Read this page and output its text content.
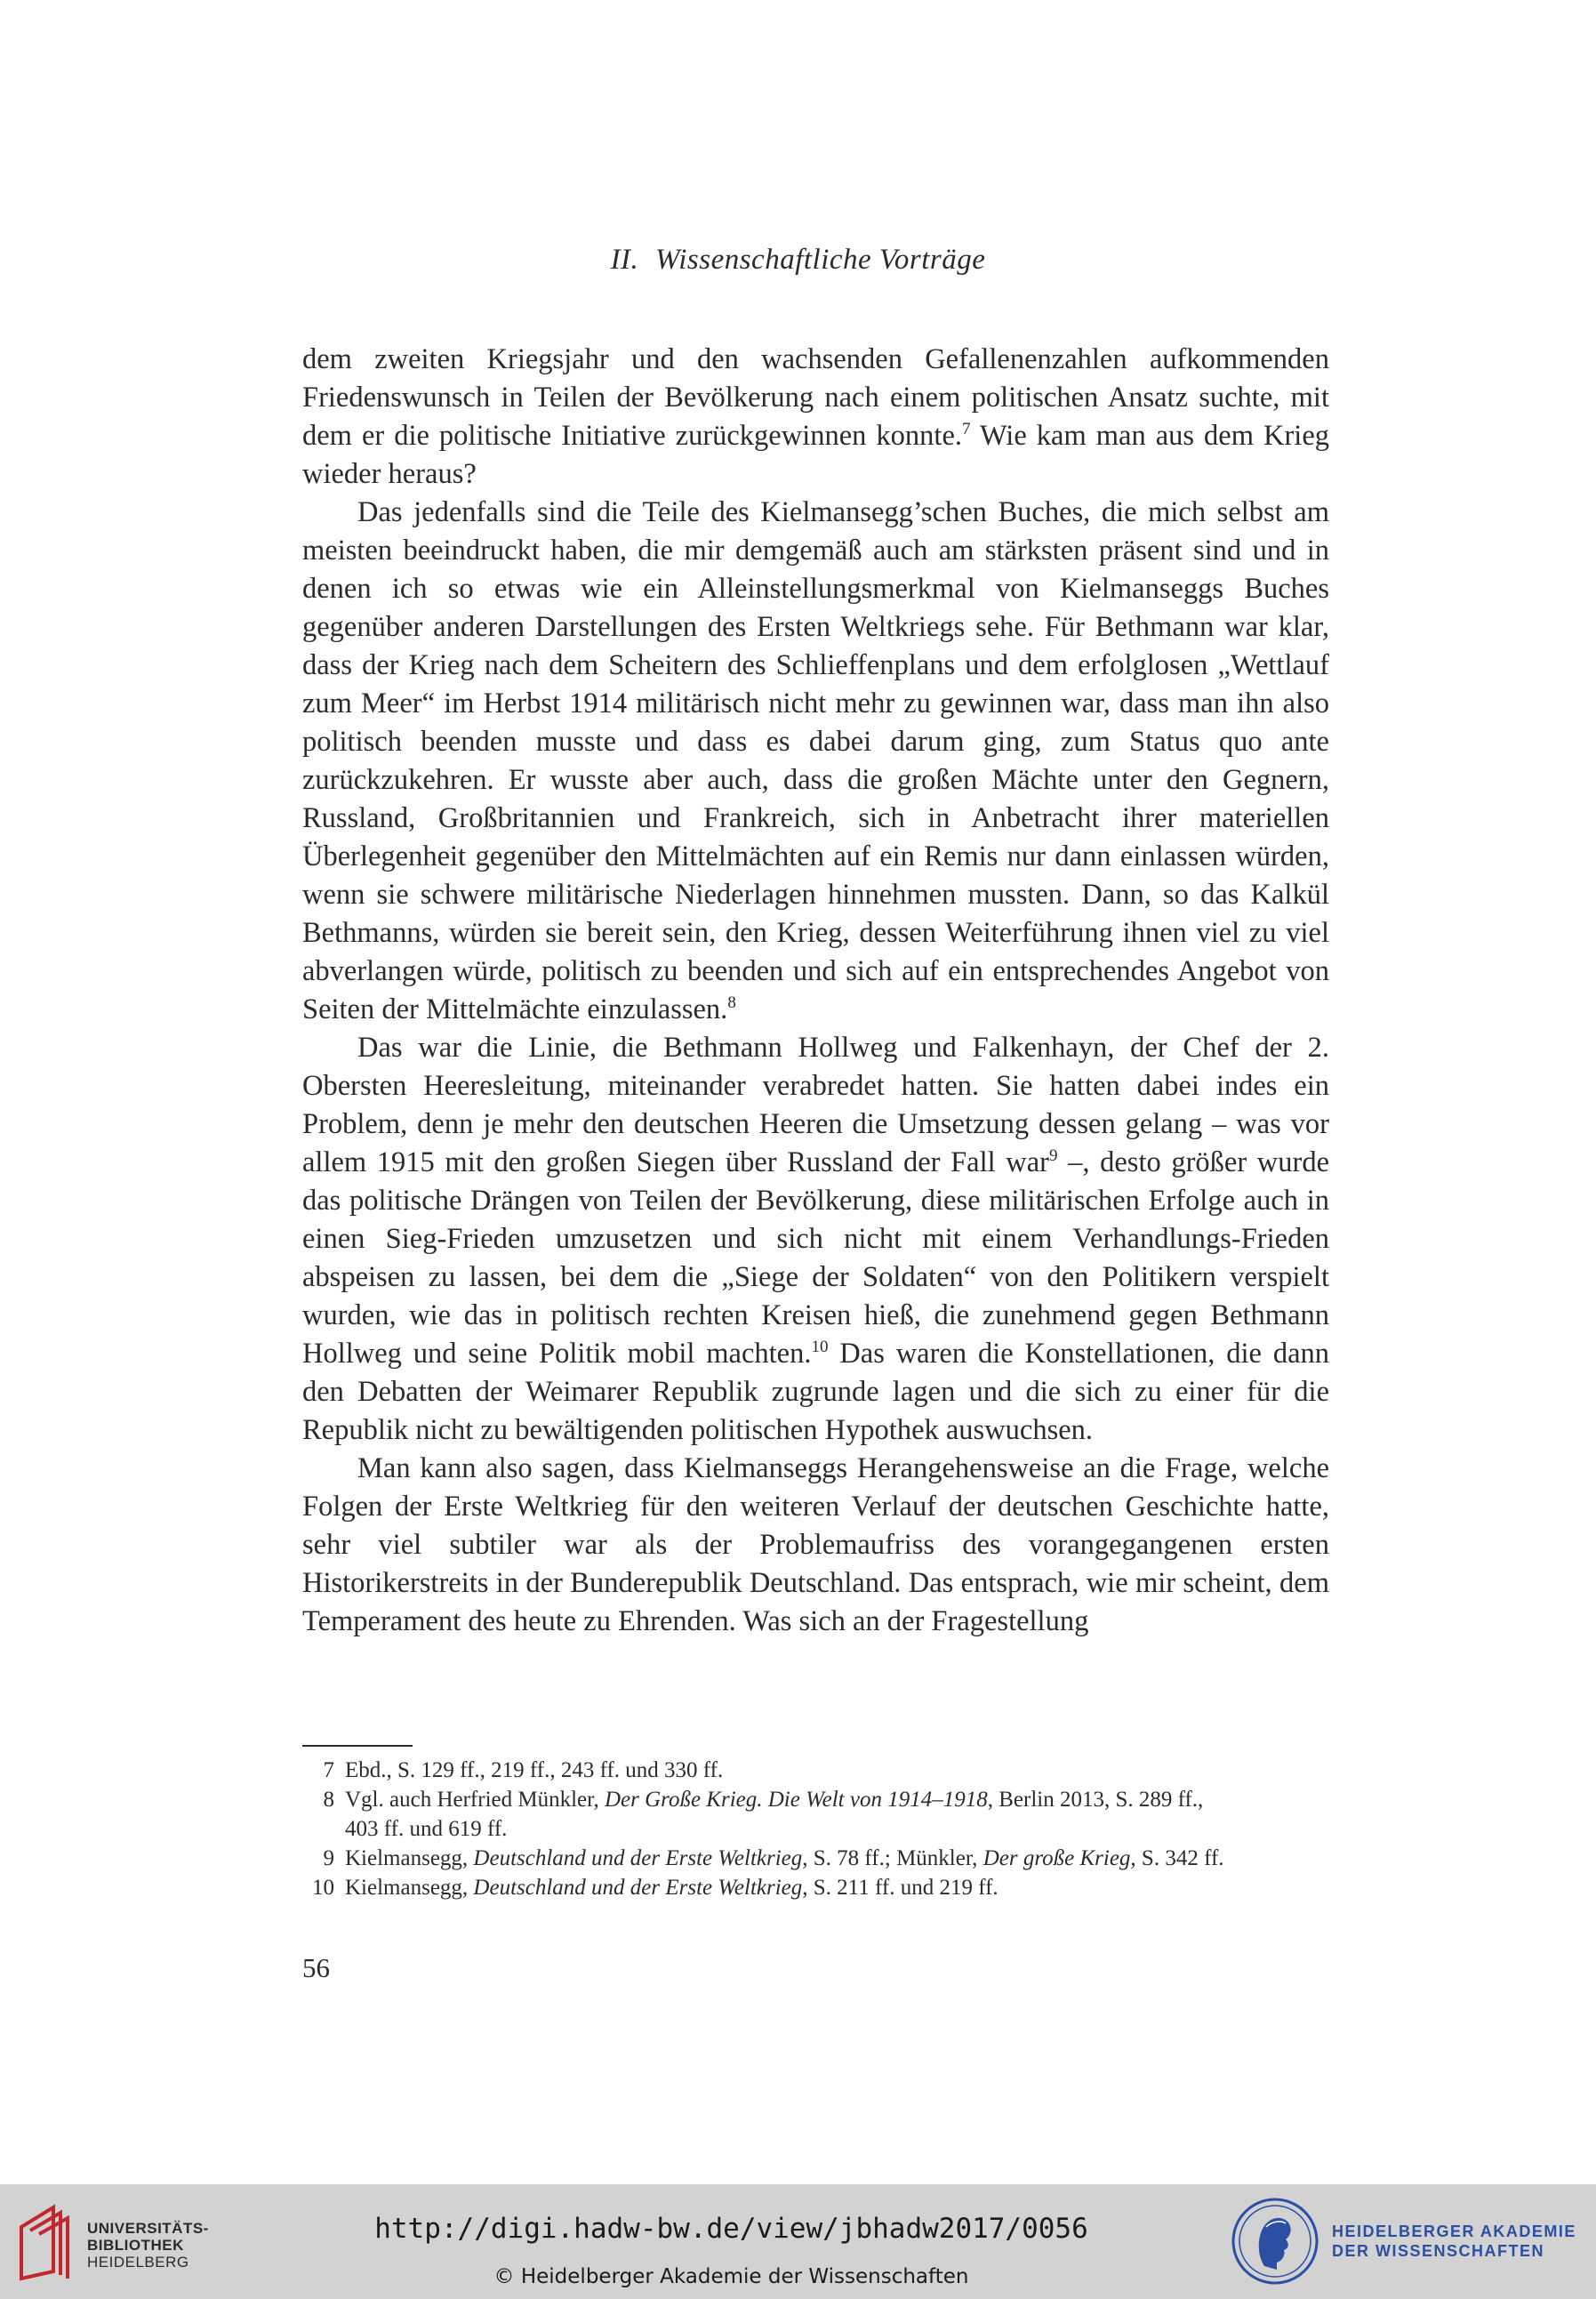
II. Wissenschaftliche Vorträge

dem zweiten Kriegsjahr und den wachsenden Gefallenenzahlen aufkommenden Friedenswunsch in Teilen der Bevölkerung nach einem politischen Ansatz suchte, mit dem er die politische Initiative zurückgewinnen konnte.$^7$ Wie kam man aus dem Krieg wieder heraus?

Das jedenfalls sind die Teile des Kielmansegg’schen Buches, die mich selbst am meisten beeindruckt haben, die mir demgemäß auch am stärksten präsent sind und in denen ich so etwas wie ein Alleinstellungsmerkmal von Kielmanseggs Buches gegenüber anderen Darstellungen des Ersten Weltkriegs sehe. Für Bethmann war klar, dass der Krieg nach dem Scheitern des Schlieffenplans und dem erfolglosen „Wettlauf zum Meer“ im Herbst 1914 militärisch nicht mehr zu gewinnen war, dass man ihn also politisch beenden musste und dass es dabei darum ging, zum Status quo ante zurückzukehren. Er wusste aber auch, dass die großen Mächte unter den Gegnern, Russland, Großbritannien und Frankreich, sich in Anbetracht ihrer materiellen Überlegenheit gegenüber den Mittelmächten auf ein Remis nur dann einlassen würden, wenn sie schwere militärische Niederlagen hinnehmen mussten. Dann, so das Kalkül Bethmanns, würden sie bereit sein, den Krieg, dessen Weiterführung ihnen viel zu viel abverlangen würde, politisch zu beenden und sich auf ein entsprechendes Angebot von Seiten der Mittelmächte einzulassen.$^8$

Das war die Linie, die Bethmann Hollweg und Falkenhayn, der Chef der 2. Obersten Heeresleitung, miteinander verabredet hatten. Sie hatten dabei indes ein Problem, denn je mehr den deutschen Heeren die Umsetzung dessen gelang – was vor allem 1915 mit den großen Siegen über Russland der Fall war$^9$ –, desto größer wurde das politische Drängen von Teilen der Bevölkerung, diese militärischen Erfolge auch in einen Sieg-Frieden umzusetzen und sich nicht mit einem Verhandlungs-Frieden abspeisen zu lassen, bei dem die „Siege der Soldaten“ von den Politikern verspielt wurden, wie das in politisch rechten Kreisen hieß, die zunehmend gegen Bethmann Hollweg und seine Politik mobil machten.$^{10}$ Das waren die Konstellationen, die dann den Debatten der Weimarer Republik zugrunde lagen und die sich zu einer für die Republik nicht zu bewältigenden politischen Hypothek auswuchsen.

Man kann also sagen, dass Kielmanseggs Herangehensweise an die Frage, welche Folgen der Erste Weltkrieg für den weiteren Verlauf der deutschen Geschichte hatte, sehr viel subtiler war als der Problemaufriss des vorangegangenen ersten Historikerstreits in der Bunderepublik Deutschland. Das entsprach, wie mir scheint, dem Temperament des heute zu Ehrenden. Was sich an der Fragestellung

7 Ebd., S. 129 ff., 219 ff., 243 ff. und 330 ff.
8 Vgl. auch Herfried Münkler, Der Große Krieg. Die Welt von 1914–1918, Berlin 2013, S. 289 ff.,
403 ff. und 619 ff.
9 Kielmansegg, Deutschland und der Erste Weltkrieg, S. 78 ff.; Münkler, Der große Krieg, S. 342 ff.
10 Kielmansegg, Deutschland und der Erste Weltkrieg, S. 211 ff. und 219 ff.
56
UNIVERSITÄTS-
BIBLIOTHEK
HEIDELBERG
http://digi.hadw-bw.de/view/jbhadw2017/0056
© Heidelberger Akademie der Wissenschaften
HEIDELBERGER AKADEMIE
DER WISSENSCHAFTEN
